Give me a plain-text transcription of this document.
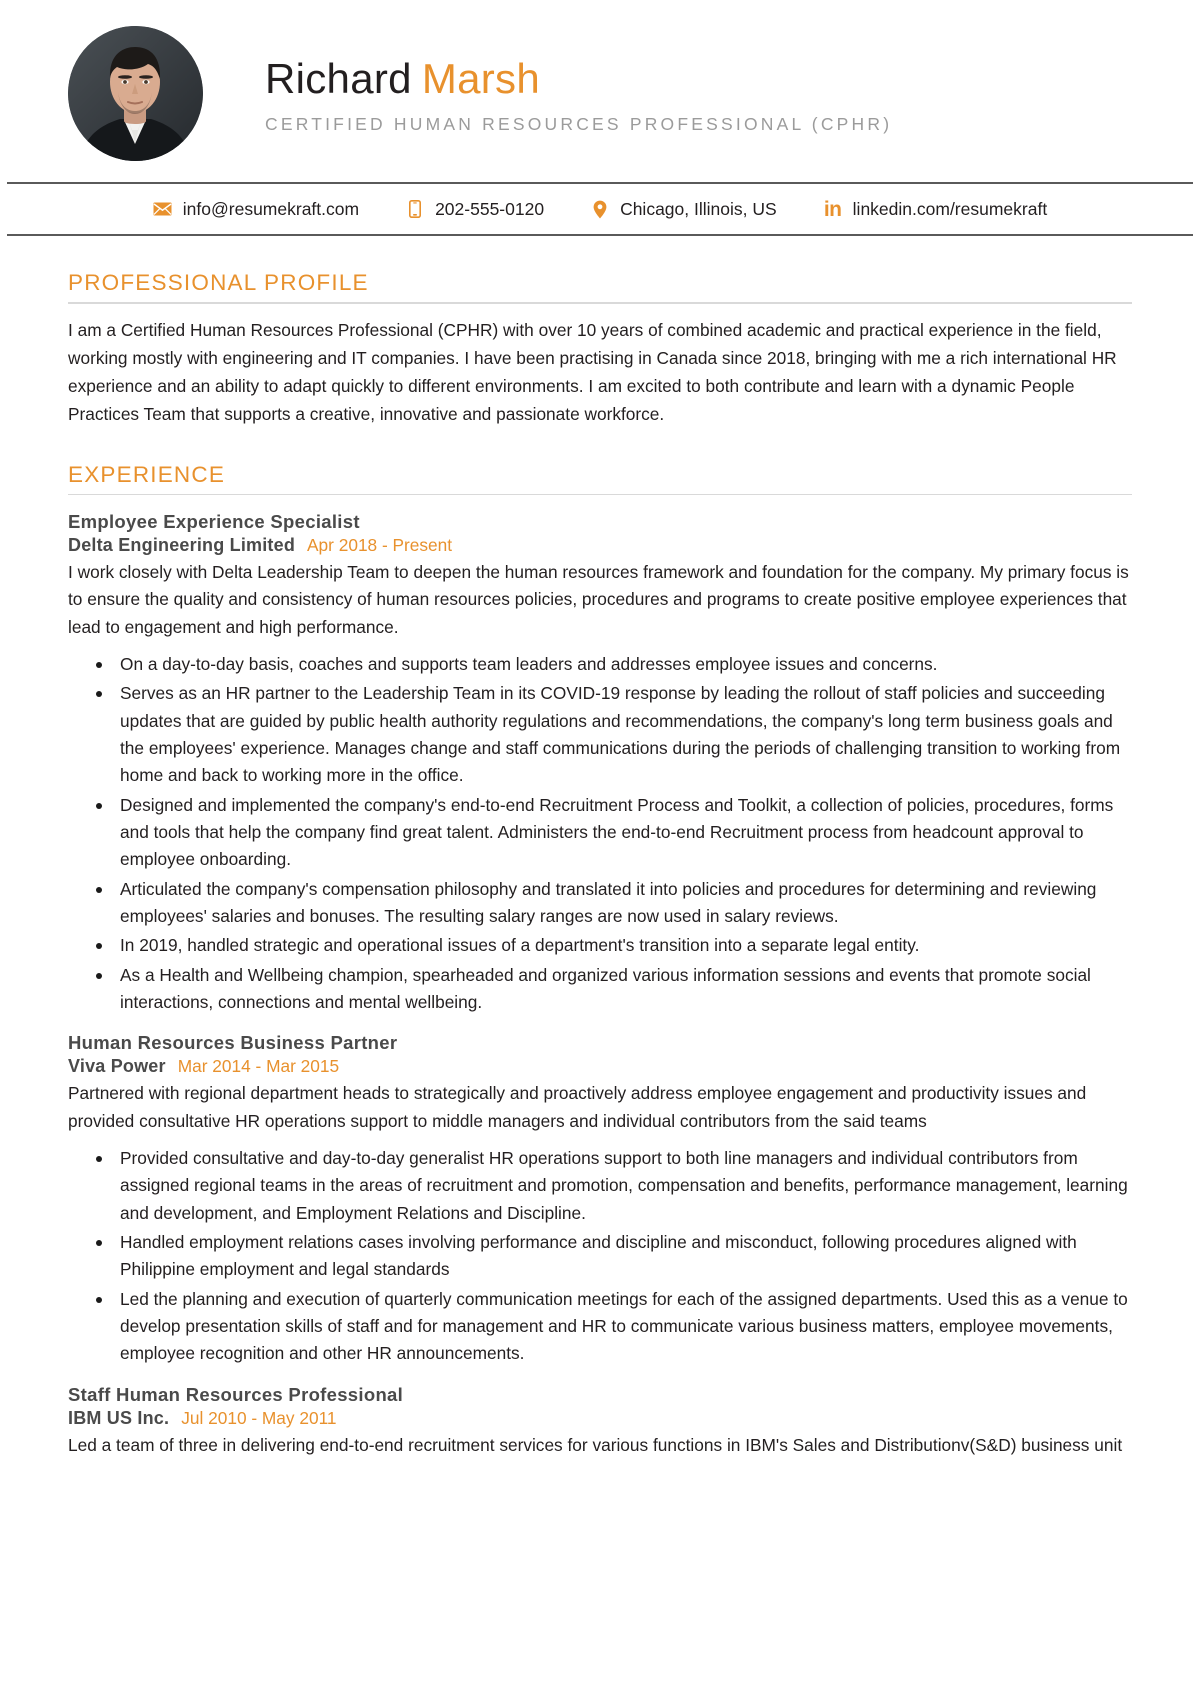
Richard Marsh
CERTIFIED HUMAN RESOURCES PROFESSIONAL (CPHR)
info@resumekraft.com	202-555-0120	Chicago, Illinois, US in linkedin.com/resumekraft
PROFESSIONAL PROFILE

I am a Certified Human Resources Professional (CPHR) with over 10 years of combined academic and practical experience in the field, working mostly with engineering and IT companies. I have been practising in Canada since 2018, bringing with me a rich international HR experience and an ability to adapt quickly to different environments. I am excited to both contribute and learn with a dynamic People Practices Team that supports a creative, innovative and passionate workforce.

EXPERIENCE
Employee Experience Specialist
Delta Engineering Limited Apr 2018 - Present

I work closely with Delta Leadership Team to deepen the human resources framework and foundation for the company. My primary focus is to ensure the quality and consistency of human resources policies, procedures and programs to create positive employee experiences that lead to engagement and high performance.

On a day-to-day basis, coaches and supports team leaders and addresses employee issues and concerns.
Serves as an HR partner to the Leadership Team in its COVID-19 response by leading the rollout of staff policies and succeeding updates that are guided by public health authority regulations and recommendations, the company's long term business goals and the employees' experience. Manages change and staff communications during the periods of challenging transition to working from home and back to working more in the office.
Designed and implemented the company's end-to-end Recruitment Process and Toolkit, a collection of policies, procedures, forms and tools that help the company find great talent. Administers the end-to-end Recruitment process from headcount approval to employee onboarding.
Articulated the company's compensation philosophy and translated it into policies and procedures for determining and reviewing employees' salaries and bonuses. The resulting salary ranges are now used in salary reviews.
In 2019, handled strategic and operational issues of a department's transition into a separate legal entity.
As a Health and Wellbeing champion, spearheaded and organized various information sessions and events that promote social interactions, connections and mental wellbeing.
Human Resources Business Partner
Viva Power Mar 2014 - Mar 2015

Partnered with regional department heads to strategically and proactively address employee engagement and productivity issues and provided consultative HR operations support to middle managers and individual contributors from the said teams

Provided consultative and day-to-day generalist HR operations support to both line managers and individual contributors from assigned regional teams in the areas of recruitment and promotion, compensation and benefits, performance management, learning and development, and Employment Relations and Discipline.
Handled employment relations cases involving performance and discipline and misconduct, following procedures aligned with Philippine employment and legal standards
Led the planning and execution of quarterly communication meetings for each of the assigned departments. Used this as a venue to develop presentation skills of staff and for management and HR to communicate various business matters, employee movements, employee recognition and other HR announcements.
Staff Human Resources Professional
IBM US Inc. Jul 2010 - May 2011

Led a team of three in delivering end-to-end recruitment services for various functions in IBM's Sales and Distributionv(S&D) business unit
